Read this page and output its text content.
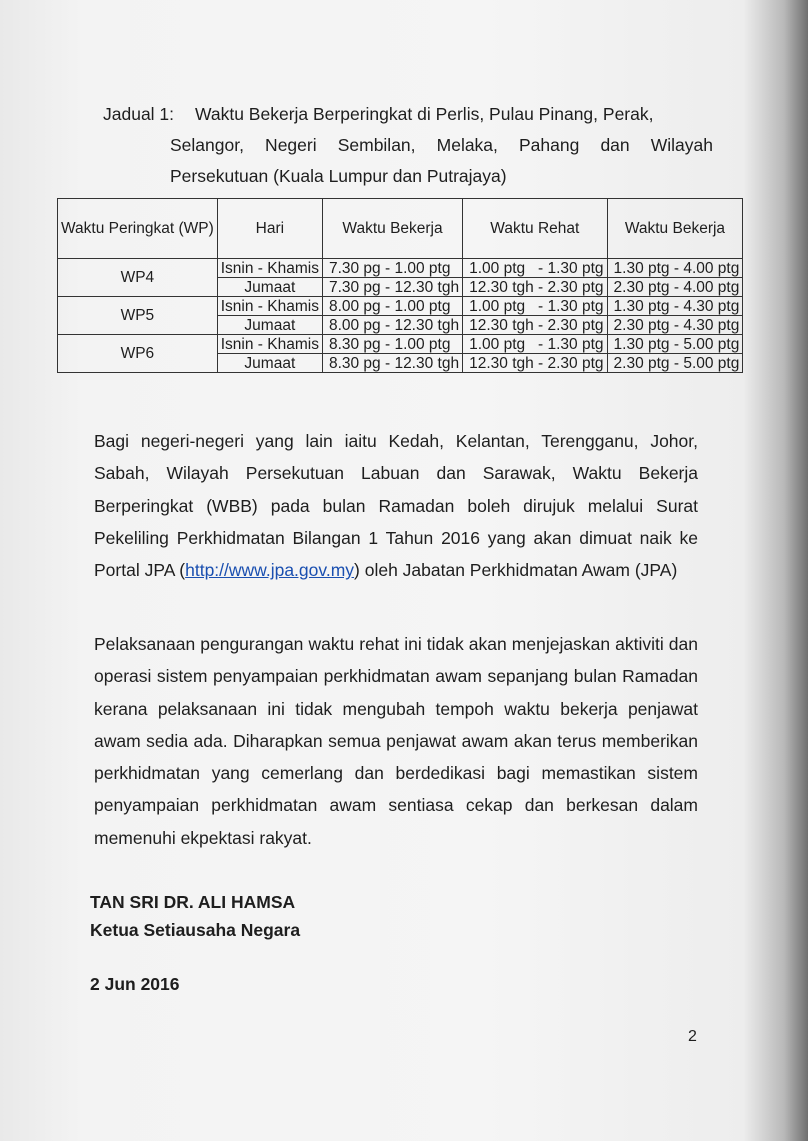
Jadual 1: Waktu Bekerja Berperingkat di Perlis, Pulau Pinang, Perak,
Selangor, Negeri Sembilan, Melaka, Pahang dan Wilayah
Persekutuan (Kuala Lumpur dan Putrajaya)
Waktu Peringkat (WP)	Hari	Waktu Bekerja	Waktu Rehat	Waktu Bekerja
WP4	Isnin - Khamis	7.30 pg - 1.00 ptg	1.00 ptg   - 1.30 ptg	1.30 ptg - 4.00 ptg
	Jumaat	7.30 pg - 12.30 tgh	12.30 tgh - 2.30 ptg	2.30 ptg - 4.00 ptg
WP5	Isnin - Khamis	8.00 pg - 1.00 ptg	1.00 ptg   - 1.30 ptg	1.30 ptg - 4.30 ptg
	Jumaat	8.00 pg - 12.30 tgh	12.30 tgh - 2.30 ptg	2.30 ptg - 4.30 ptg
WP6	Isnin - Khamis	8.30 pg - 1.00 ptg	1.00 ptg   - 1.30 ptg	1.30 ptg - 5.00 ptg
	Jumaat	8.30 pg - 12.30 tgh	12.30 tgh - 2.30 ptg	2.30 ptg - 5.00 ptg
Bagi negeri-negeri yang lain iaitu Kedah, Kelantan, Terengganu, Johor, Sabah, Wilayah Persekutuan Labuan dan Sarawak, Waktu Bekerja Berperingkat (WBB) pada bulan Ramadan boleh dirujuk melalui Surat Pekeliling Perkhidmatan Bilangan 1 Tahun 2016 yang akan dimuat naik ke Portal JPA (http://www.jpa.gov.my) oleh Jabatan Perkhidmatan Awam (JPA)
Pelaksanaan pengurangan waktu rehat ini tidak akan menjejaskan aktiviti dan operasi sistem penyampaian perkhidmatan awam sepanjang bulan Ramadan kerana pelaksanaan ini tidak mengubah tempoh waktu bekerja penjawat awam sedia ada. Diharapkan semua penjawat awam akan terus memberikan perkhidmatan yang cemerlang dan berdedikasi bagi memastikan sistem penyampaian perkhidmatan awam sentiasa cekap dan berkesan dalam memenuhi ekpektasi rakyat.
TAN SRI DR. ALI HAMSA
Ketua Setiausaha Negara
2 Jun 2016
2
